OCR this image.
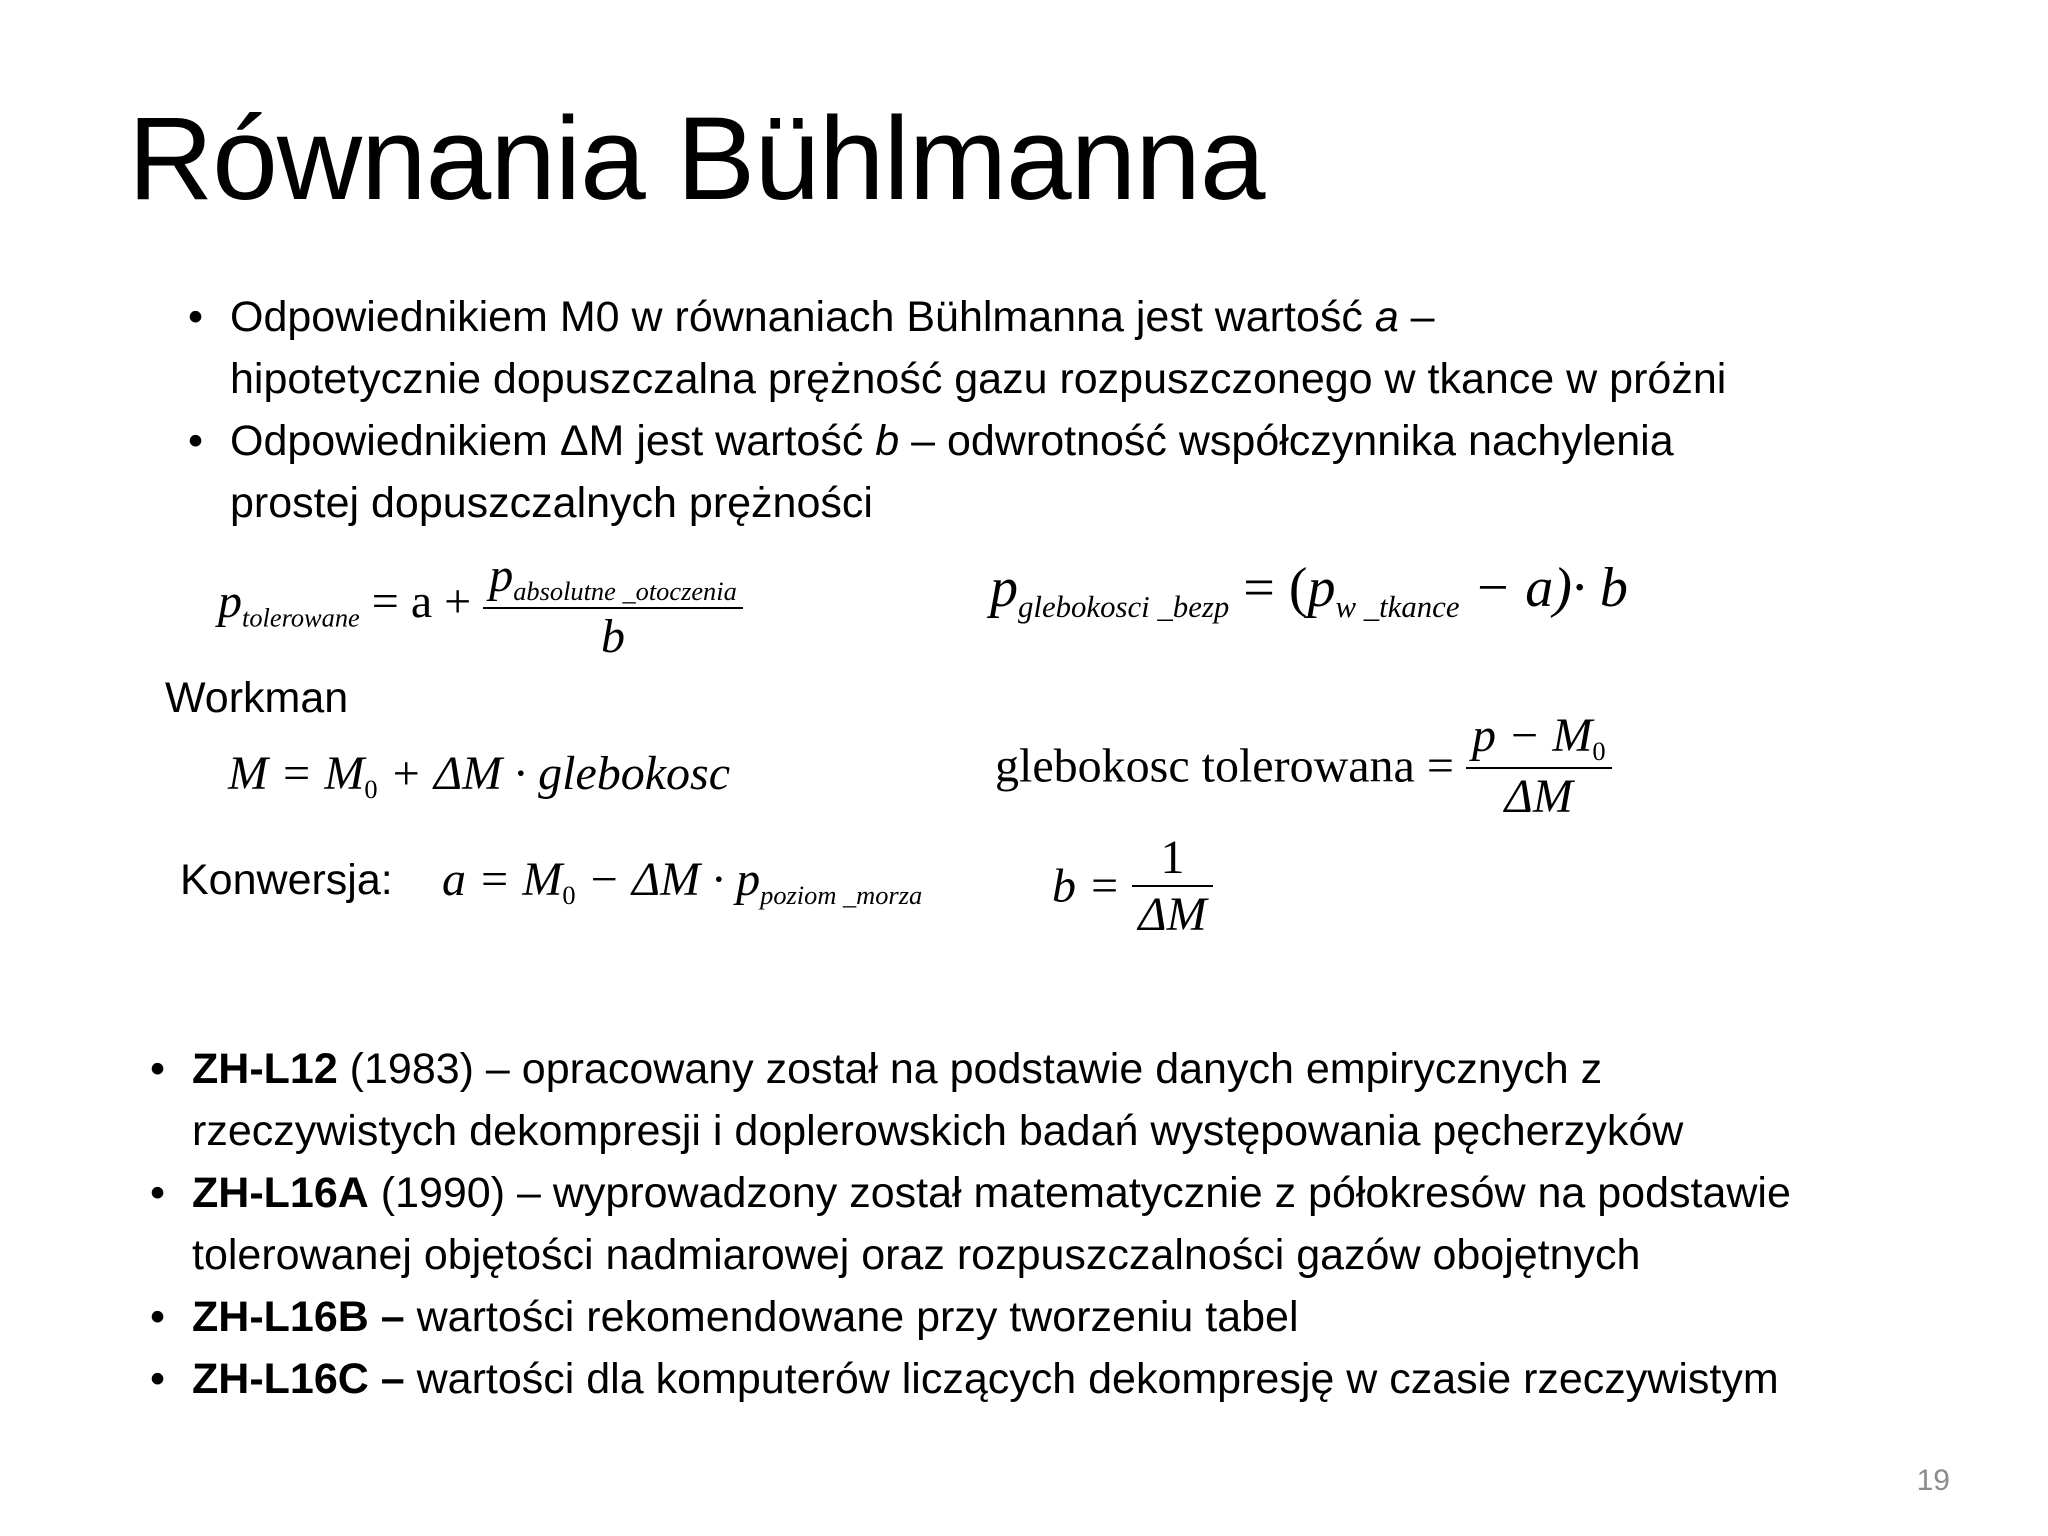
Równania Bühlmanna
• Odpowiednikiem M0 w równaniach Bühlmanna jest wartość a –
hipotetycznie dopuszczalna prężność gazu rozpuszczonego w tkance w próżni
• Odpowiednikiem ΔM jest wartość b – odwrotność współczynnika nachylenia
prostej dopuszczalnych prężności
$p_{tolerowane} = a + \frac{p_{absolutne \_otoczenia}}{b}$	$p_{glebokosci \_bezp} = (p_{w \_tkance} - a)\cdot b$
Workman
$M = M_0 + \Delta M$ · glebokosc	glebokosc tolerowana = $\frac{p - M_0}{\Delta M}$
Konwersja: $a = M_0 - \Delta M \cdot p_{poziom \_morza}$	$b = \frac{1}{\Delta M}$
• ZH-L12 (1983) – opracowany został na podstawie danych empirycznych z
rzeczywistych dekompresji i doplerowskich badań występowania pęcherzyków
• ZH-L16A (1990) – wyprowadzony został matematycznie z półokresów na podstawie
tolerowanej objętości nadmiarowej oraz rozpuszczalności gazów obojętnych
• ZH-L16B – wartości rekomendowane przy tworzeniu tabel
• ZH-L16C – wartości dla komputerów liczących dekompresję w czasie rzeczywistym
19
